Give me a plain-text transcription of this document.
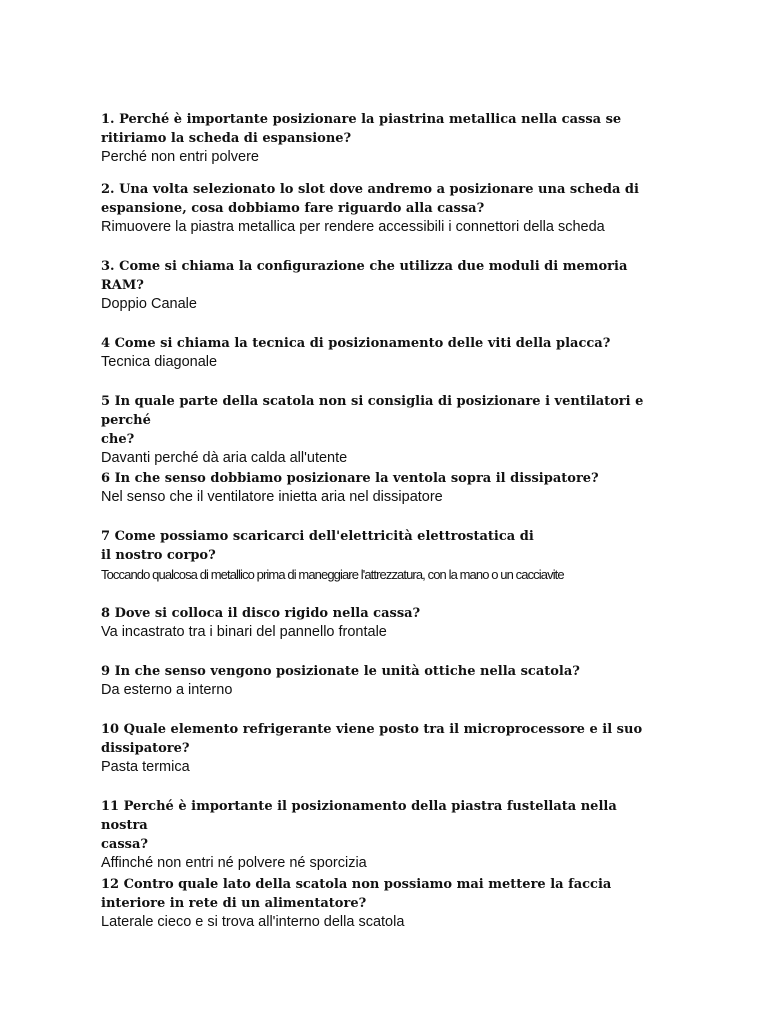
1. Perché è importante posizionare la piastrina metallica nella cassa se
ritiriamo la scheda di espansione?
Perché non entri polvere
2. Una volta selezionato lo slot dove andremo a posizionare una scheda di
espansione, cosa dobbiamo fare riguardo alla cassa?
Rimuovere la piastra metallica per rendere accessibili i connettori della scheda
3. Come si chiama la configurazione che utilizza due moduli di memoria
RAM?
Doppio Canale
4 Come si chiama la tecnica di posizionamento delle viti della placca?
Tecnica diagonale
5 In quale parte della scatola non si consiglia di posizionare i ventilatori e perché
che?
Davanti perché dà aria calda all'utente
6 In che senso dobbiamo posizionare la ventola sopra il dissipatore?
Nel senso che il ventilatore inietta aria nel dissipatore
7 Come possiamo scaricarci dell'elettricità elettrostatica di
il nostro corpo?
Toccando qualcosa di metallico prima di maneggiare l'attrezzatura, con la mano o un cacciavite
8 Dove si colloca il disco rigido nella cassa?
Va incastrato tra i binari del pannello frontale
9 In che senso vengono posizionate le unità ottiche nella scatola?
Da esterno a interno
10 Quale elemento refrigerante viene posto tra il microprocessore e il suo
dissipatore?
Pasta termica
11 Perché è importante il posizionamento della piastra fustellata nella nostra
cassa?
Affinché non entri né polvere né sporcizia
12 Contro quale lato della scatola non possiamo mai mettere la faccia
interiore in rete di un alimentatore?
Laterale cieco e si trova all'interno della scatola
